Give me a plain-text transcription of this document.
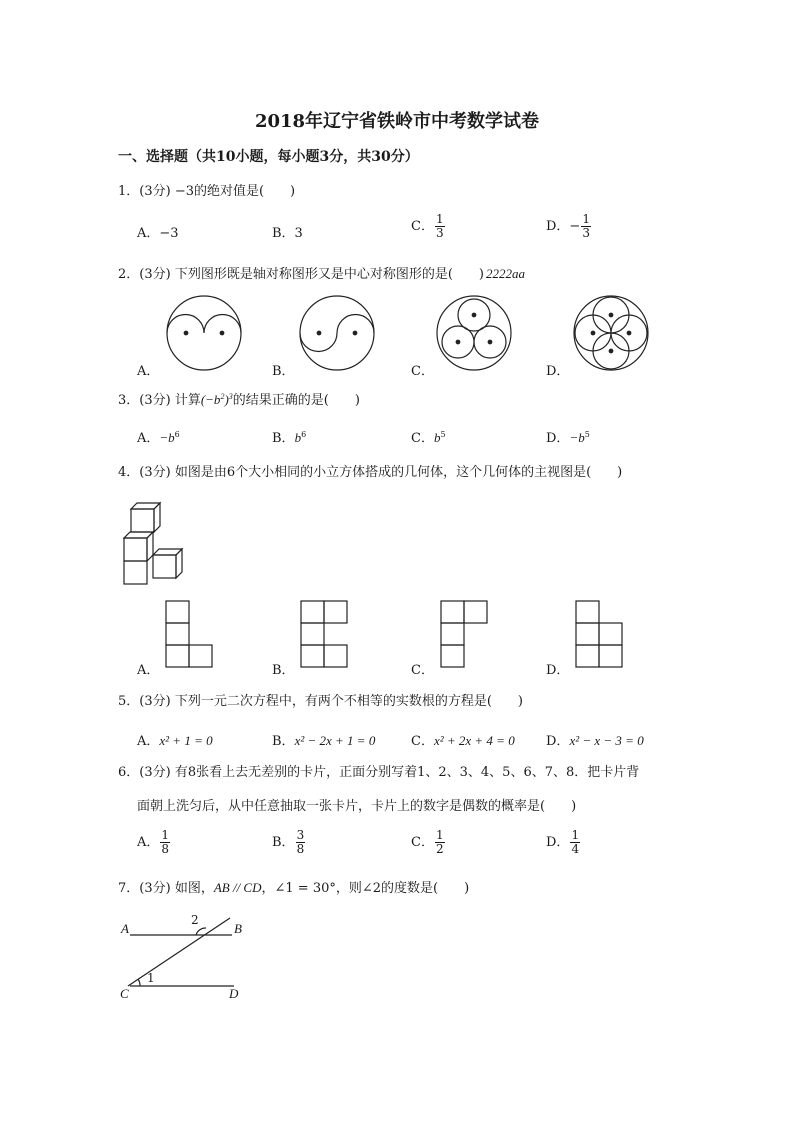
2018年辽宁省铁岭市中考数学试卷
一、选择题（共10小题，每小题3分，共30分）
1．(3分) −3的绝对值是(　　)
A．−3	B．3	C． $\frac{1}{3}$	D．− $\frac{1}{3}$
2．(3分) 下列图形既是轴对称图形又是中心对称图形的是(　　) 2222aa
A．	B．	C．	D．
3．(3分) 计算$(-b^2)^3$的结果正确的是(　　)
A．$-b^6$	B．$b^6$	C．$b^5$	D．$-b^5$
4．(3分) 如图是由6个大小相同的小立方体搭成的几何体，这个几何体的主视图是(　　)
A．	B．	C．	D．
5．(3分) 下列一元二次方程中，有两个不相等的实数根的方程是(　　)
A．x² + 1 = 0	B．x² − 2x + 1 = 0	C．x² + 2x + 4 = 0 D．x² − x − 3 = 0
6．(3分) 有8张看上去无差别的卡片，正面分别写着1、2、3、4、5、6、7、8．把卡片背
面朝上洗匀后，从中任意抽取一张卡片，卡片上的数字是偶数的概率是(　　)
A． $\frac{1}{8}$	B． $\frac{3}{8}$	C． $\frac{1}{2}$	D． $\frac{1}{4}$
7．(3分) 如图，AB // CD，∠1 = 30°，则∠2的度数是(　　)
A	B
C	D
1
2
